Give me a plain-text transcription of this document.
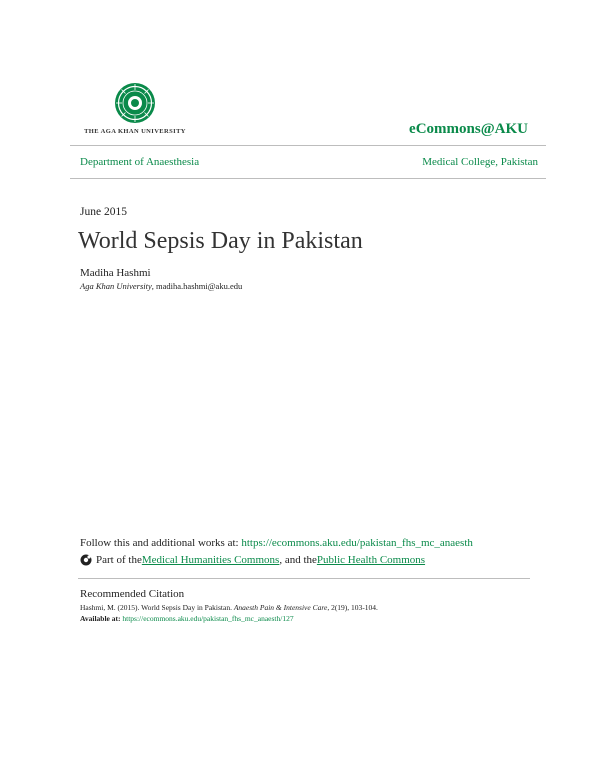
THE AGA KHAN UNIVERSITY	eCommons@AKU
Department of Anaesthesia	Medical College, Pakistan
June 2015
World Sepsis Day in Pakistan
Madiha Hashmi
Aga Khan University, madiha.hashmi@aku.edu
Follow this and additional works at: https://ecommons.aku.edu/pakistan_fhs_mc_anaesth
Part of the Medical Humanities Commons , and the Public Health Commons
Recommended Citation
Hashmi, M. (2015). World Sepsis Day in Pakistan. Anaesth Pain & Intensive Care, 2(19), 103-104.
Available at: https://ecommons.aku.edu/pakistan_fhs_mc_anaesth/127
